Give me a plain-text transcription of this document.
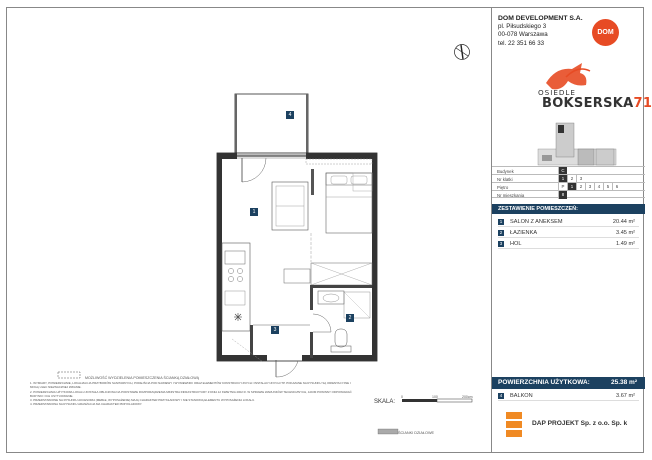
1
2
3
4
MOŻLIWOŚĆ WYDZIELENIA POMIESZCZENIA ŚCIANKĄ DZIAŁOWĄ
ŚCIANKI DZIAŁOWE
SKALA:
0	100	200cm
1. WYMIARY, POWIERZCHNIE, LOKALIZACJA PRZYBORÓW SANITARNYCH, PODEJŚCIA POD NAWIEWY I WYWIEWNIKI ORAZ ELEMENTÓW KONSTRUKCYJNYCH I INSTALACYJNYCH ITP. POKAZANE NA RYSUNKU SĄ ORIENTACYJNE I MOGĄ ULEC NIEZNACZNEJ ZMIANIE.
2. POWIERZCHNIA UŻYTKOWA LOKALU ZOSTAŁA OBLICZONA NA PODSTAWIE ROZPORZĄDZENIA MINISTRA INFRASTRUKTURY Z DNIA 12 KWIETNIA 2002 R. W SPRAWIE WARUNKÓW TECHNICZNYCH, JAKIM POWINNY ODPOWIADAĆ BUDYNKI I ICH USYTUOWANIE.
3. PRZEDSTAWIONE NA RYSUNKU AKCESORIA (MEBLE, WYPOSAŻENIE) MAJĄ CHARAKTER PRZYKŁADOWY I NIE STANOWIĄ ELEMENTU WYPOSAŻENIA LOKALU.
4. PRZEDSTAWIONA NA RYSUNKU ARANŻACJA MA CHARAKTER PRZYKŁADOWY.
DOM DEVELOPMENT S.A.
pl. Piłsudskiego 3
00-078 Warszawa
tel. 22 351 66 33
DOM
OSIEDLE
BOKSERSKA71
Budynek	C
Nr klatki	1	2	3
Piętro	P	1	2	3	4	5	6
Nr mieszkania	8
ZESTAWIENIE POMIESZCZEŃ:
1	SALON Z ANEKSEM	20.44 m²
2	ŁAZIENKA	3.45 m²
3	HOL	1.49 m²
POWIERZCHNIA UŻYTKOWA:	25.38 m²
4	BALKON	3.67 m²
DAP PROJEKT Sp. z o.o. Sp. k
